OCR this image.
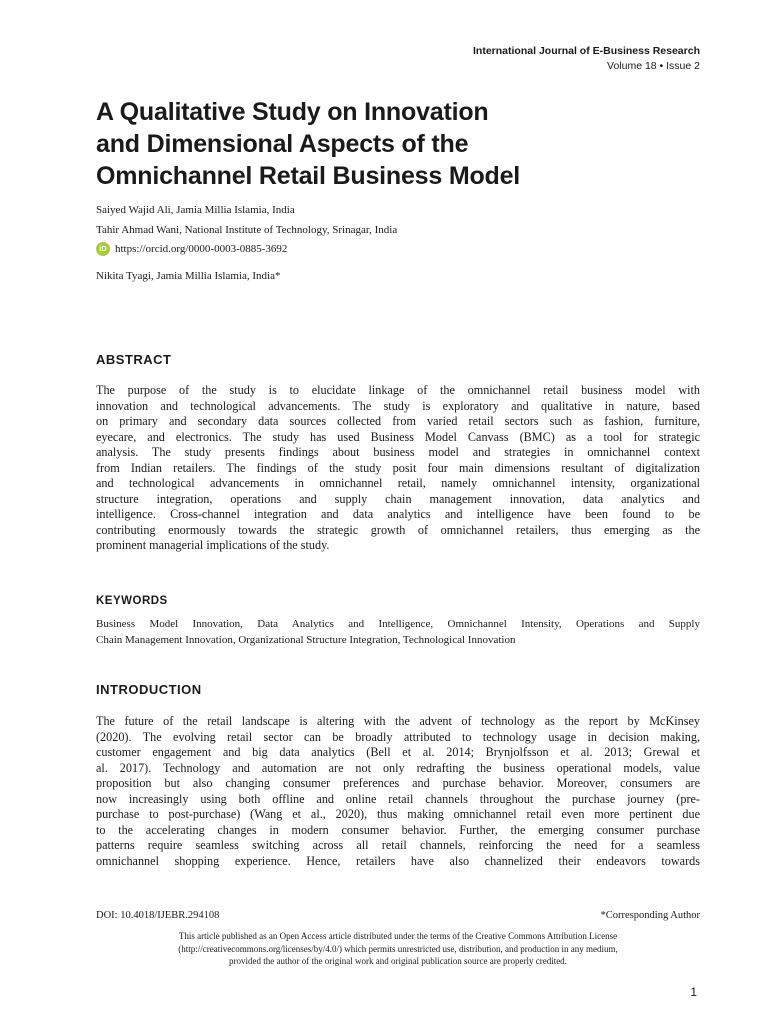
International Journal of E-Business Research
Volume 18 • Issue 2
A Qualitative Study on Innovation
and Dimensional Aspects of the
Omnichannel Retail Business Model
Saiyed Wajid Ali, Jamia Millia Islamia, India
Tahir Ahmad Wani, National Institute of Technology, Srinagar, India
iD https://orcid.org/0000-0003-0885-3692
Nikita Tyagi, Jamia Millia Islamia, India*
ABSTRACT
The purpose of the study is to elucidate linkage of the omnichannel retail business model with
innovation and technological advancements. The study is exploratory and qualitative in nature, based
on primary and secondary data sources collected from varied retail sectors such as fashion, furniture,
eyecare, and electronics. The study has used Business Model Canvass (BMC) as a tool for strategic
analysis. The study presents findings about business model and strategies in omnichannel context
from Indian retailers. The findings of the study posit four main dimensions resultant of digitalization
and technological advancements in omnichannel retail, namely omnichannel intensity, organizational
structure integration, operations and supply chain management innovation, data analytics and
intelligence. Cross-channel integration and data analytics and intelligence have been found to be
contributing enormously towards the strategic growth of omnichannel retailers, thus emerging as the
prominent managerial implications of the study.
KEYWORDS
Business Model Innovation, Data Analytics and Intelligence, Omnichannel Intensity, Operations and Supply
Chain Management Innovation, Organizational Structure Integration, Technological Innovation
INTRODUCTION
The future of the retail landscape is altering with the advent of technology as the report by McKinsey
(2020). The evolving retail sector can be broadly attributed to technology usage in decision making,
customer engagement and big data analytics (Bell et al. 2014; Brynjolfsson et al. 2013; Grewal et
al. 2017). Technology and automation are not only redrafting the business operational models, value
proposition but also changing consumer preferences and purchase behavior. Moreover, consumers are
now increasingly using both offline and online retail channels throughout the purchase journey (pre-
purchase to post-purchase) (Wang et al., 2020), thus making omnichannel retail even more pertinent due
to the accelerating changes in modern consumer behavior. Further, the emerging consumer purchase
patterns require seamless switching across all retail channels, reinforcing the need for a seamless
omnichannel shopping experience. Hence, retailers have also channelized their endeavors towards
DOI: 10.4018/IJEBR.294108	*Corresponding Author
This article published as an Open Access article distributed under the terms of the Creative Commons Attribution License
(http://creativecommons.org/licenses/by/4.0/) which permits unrestricted use, distribution, and production in any medium,
provided the author of the original work and original publication source are properly credited.
1
